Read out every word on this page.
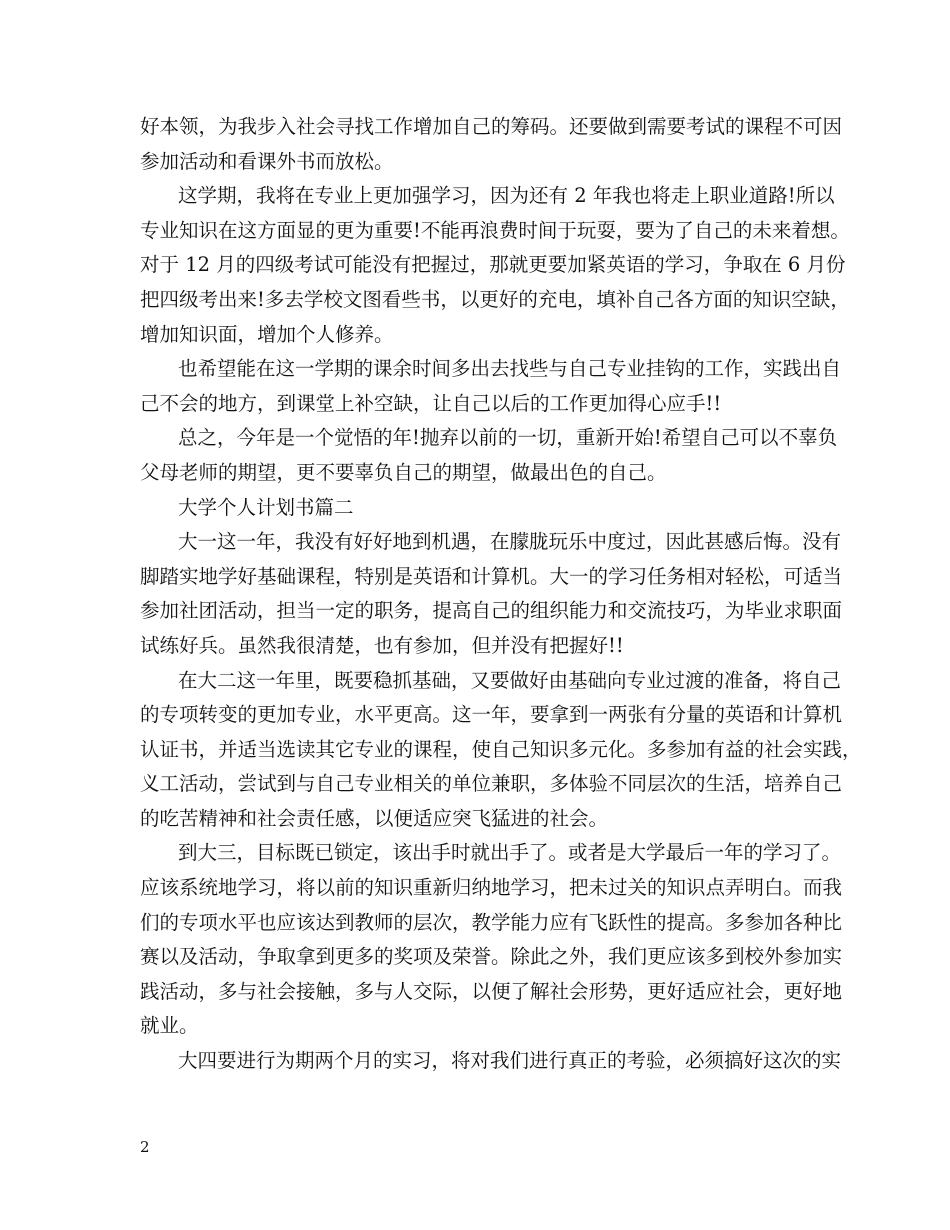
好本领，为我步入社会寻找工作增加自己的筹码。还要做到需要考试的课程不可因
参加活动和看课外书而放松。
这学期，我将在专业上更加强学习，因为还有 2 年我也将走上职业道路!所以
专业知识在这方面显的更为重要!不能再浪费时间于玩耍，要为了自己的未来着想。
对于 12 月的四级考试可能没有把握过，那就更要加紧英语的学习，争取在 6 月份
把四级考出来!多去学校文图看些书，以更好的充电，填补自己各方面的知识空缺，
增加知识面，增加个人修养。
也希望能在这一学期的课余时间多出去找些与自己专业挂钩的工作，实践出自
己不会的地方，到课堂上补空缺，让自己以后的工作更加得心应手!!
总之，今年是一个觉悟的年!抛弃以前的一切，重新开始!希望自己可以不辜负
父母老师的期望，更不要辜负自己的期望，做最出色的自己。
大学个人计划书篇二
大一这一年，我没有好好地到机遇，在朦胧玩乐中度过，因此甚感后悔。没有
脚踏实地学好基础课程，特别是英语和计算机。大一的学习任务相对轻松，可适当
参加社团活动，担当一定的职务，提高自己的组织能力和交流技巧，为毕业求职面
试练好兵。虽然我很清楚，也有参加，但并没有把握好!!
在大二这一年里，既要稳抓基础，又要做好由基础向专业过渡的准备，将自己
的专项转变的更加专业，水平更高。这一年，要拿到一两张有分量的英语和计算机
认证书，并适当选读其它专业的课程，使自己知识多元化。多参加有益的社会实践，
义工活动，尝试到与自己专业相关的单位兼职，多体验不同层次的生活，培养自己
的吃苦精神和社会责任感，以便适应突飞猛进的社会。
到大三，目标既已锁定，该出手时就出手了。或者是大学最后一年的学习了。
应该系统地学习，将以前的知识重新归纳地学习，把未过关的知识点弄明白。而我
们的专项水平也应该达到教师的层次，教学能力应有飞跃性的提高。多参加各种比
赛以及活动，争取拿到更多的奖项及荣誉。除此之外，我们更应该多到校外参加实
践活动，多与社会接触，多与人交际，以便了解社会形势，更好适应社会，更好地
就业。
大四要进行为期两个月的实习，将对我们进行真正的考验，必须搞好这次的实
2
